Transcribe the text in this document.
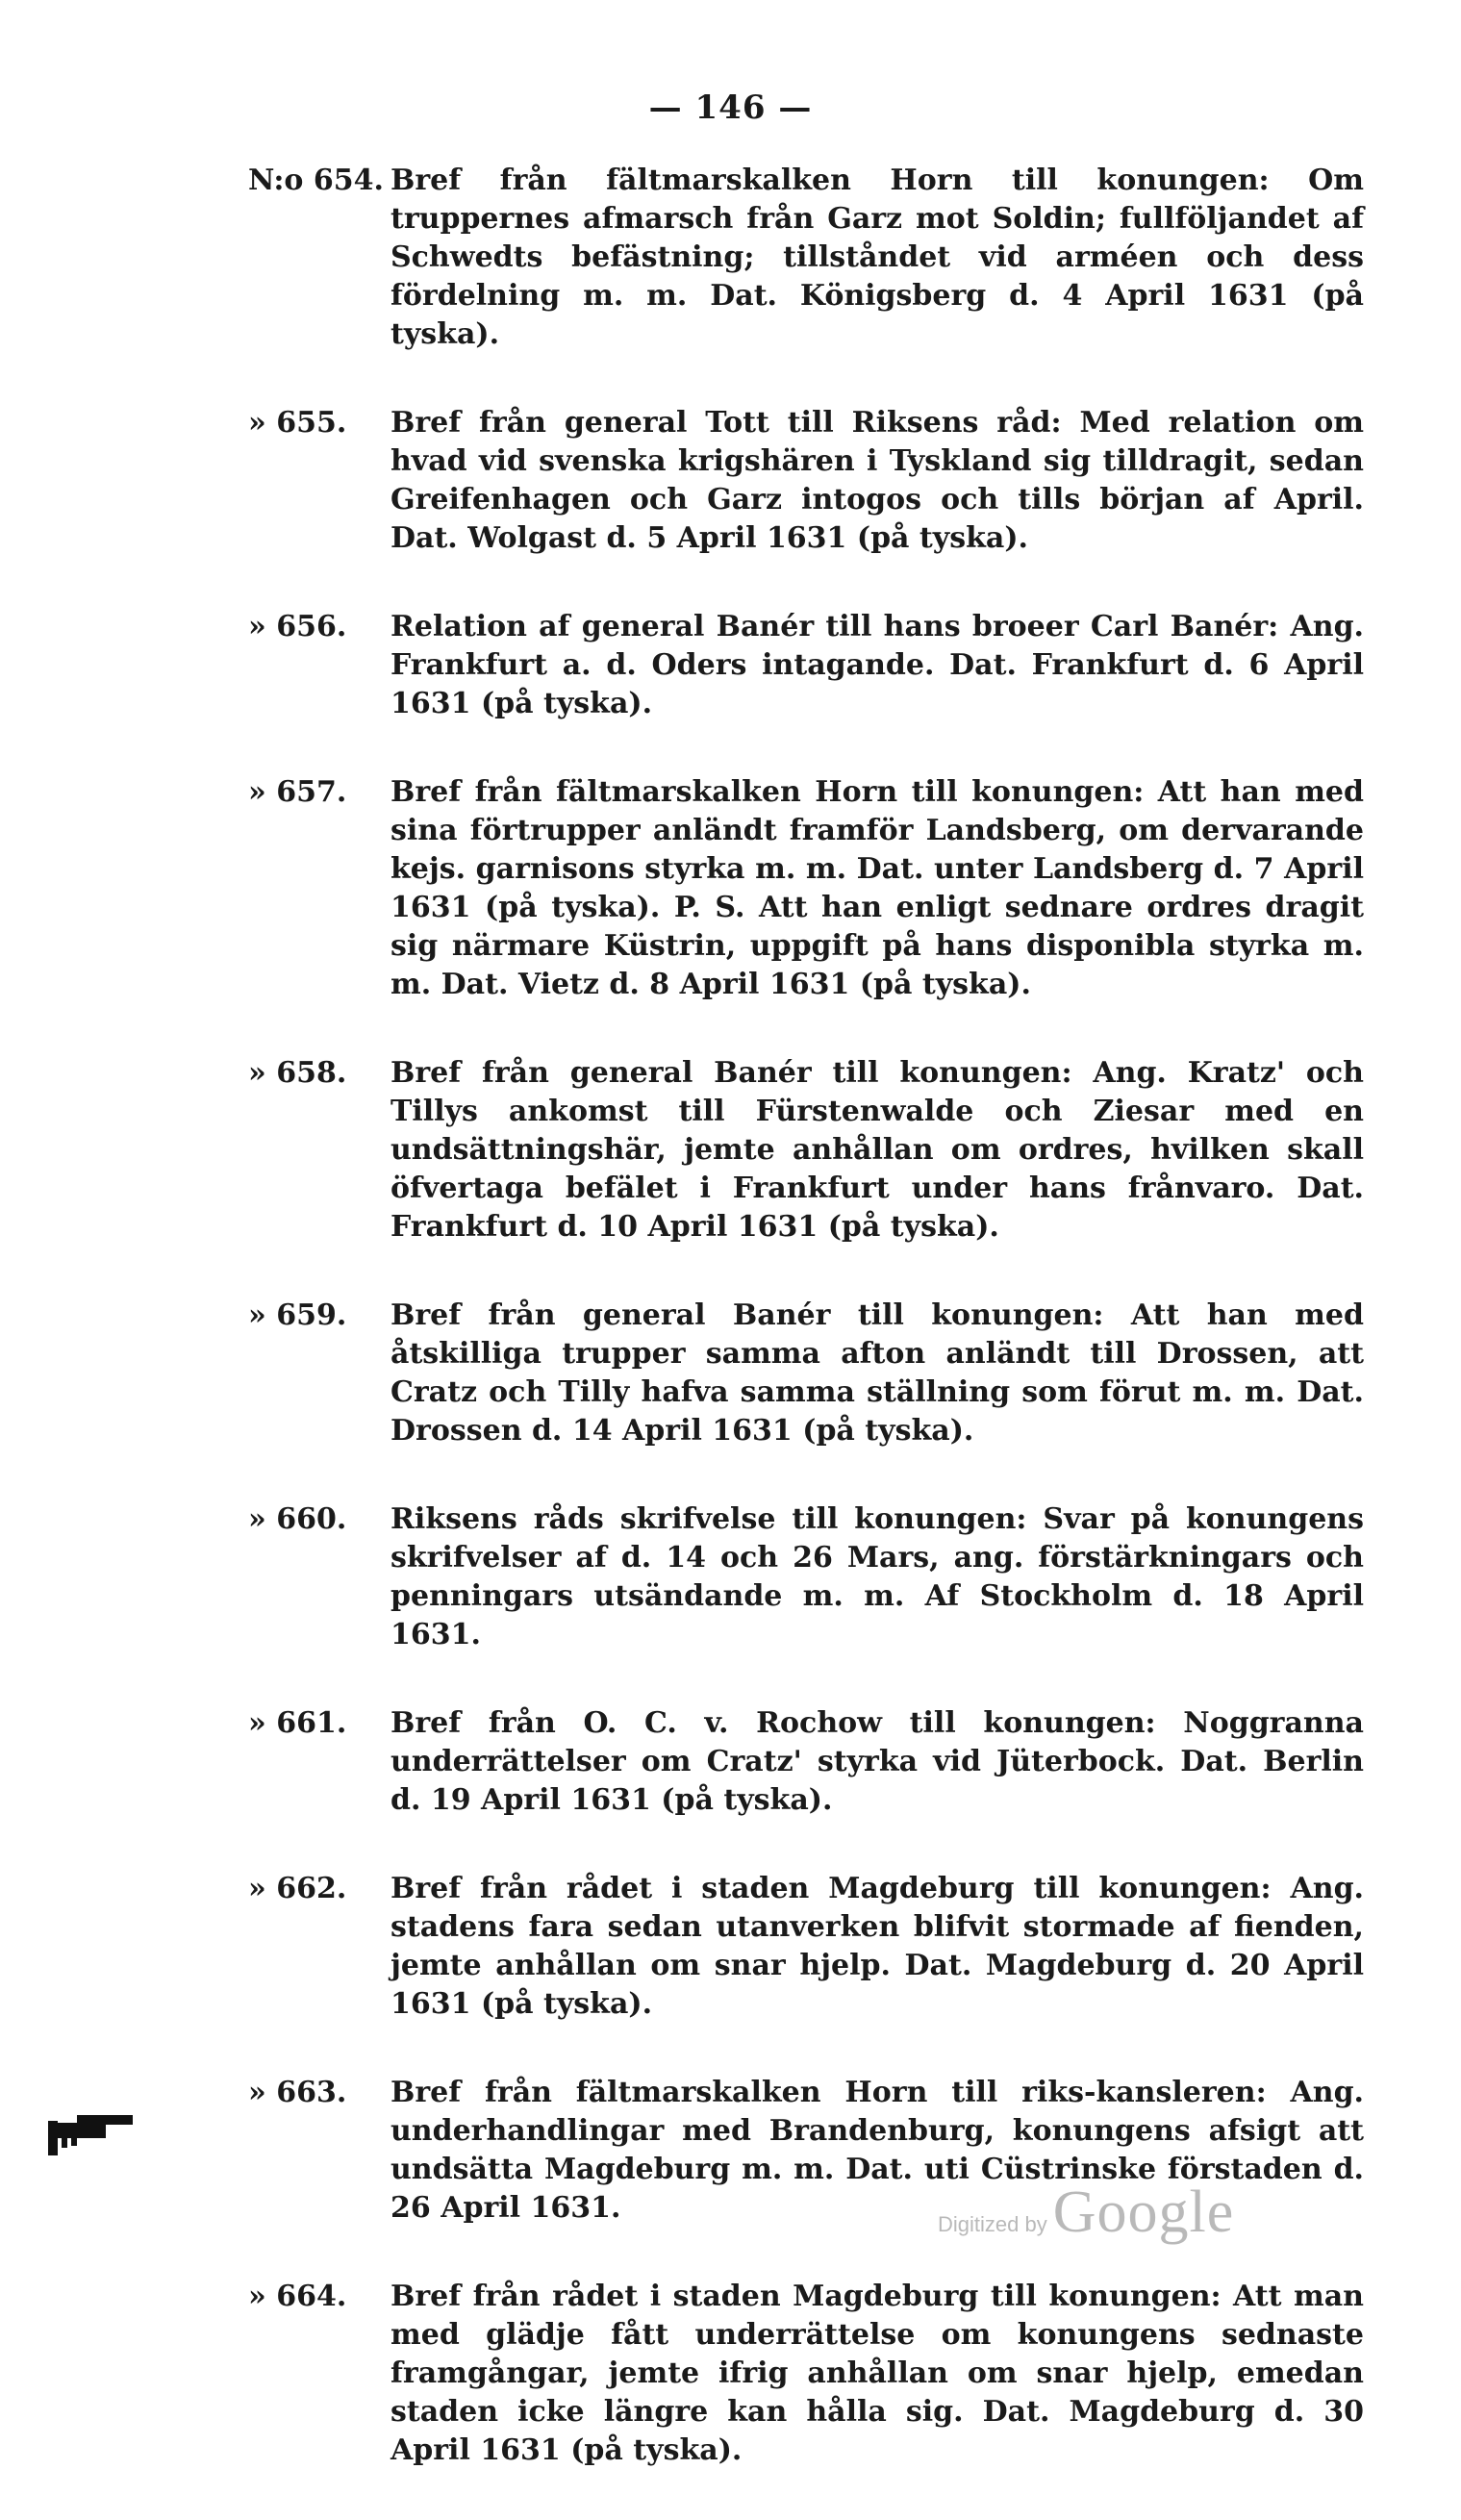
— 146 —
N:o 654. Bref från fältmarskalken Horn till konungen: Om truppernes afmarsch från Garz mot Soldin; fullföljandet af Schwedts befästning; tillståndet vid arméen och dess fördelning m. m. Dat. Königsberg d. 4 April 1631 (på tyska).
» 655.	Bref från general Tott till Riksens råd: Med relation om hvad vid svenska krigshären i Tyskland sig tilldragit, sedan Greifenhagen och Garz intogos och tills början af April. Dat. Wolgast d. 5 April 1631 (på tyska).
» 656.	Relation af general Banér till hans broeer Carl Banér: Ang. Frankfurt a. d. Oders intagande. Dat. Frankfurt d. 6 April 1631 (på tyska).
» 657.	Bref från fältmarskalken Horn till konungen: Att han med sina förtrupper anländt framför Landsberg, om dervarande kejs. garnisons styrka m. m. Dat. unter Landsberg d. 7 April 1631 (på tyska). P. S. Att han enligt sednare ordres dragit sig närmare Küstrin, uppgift på hans disponibla styrka m. m. Dat. Vietz d. 8 April 1631 (på tyska).
» 658.	Bref från general Banér till konungen: Ang. Kratz' och Tillys ankomst till Fürstenwalde och Ziesar med en undsättningshär, jemte anhållan om ordres, hvilken skall öfvertaga befälet i Frankfurt under hans frånvaro. Dat. Frankfurt d. 10 April 1631 (på tyska).
» 659.	Bref från general Banér till konungen: Att han med åtskilliga trupper samma afton anländt till Drossen, att Cratz och Tilly hafva samma ställning som förut m. m. Dat. Drossen d. 14 April 1631 (på tyska).
» 660.	Riksens råds skrifvelse till konungen: Svar på konungens skrifvelser af d. 14 och 26 Mars, ang. förstärkningars och penningars utsändande m. m. Af Stockholm d. 18 April 1631.
» 661.	Bref från O. C. v. Rochow till konungen: Noggranna underrättelser om Cratz' styrka vid Jüterbock. Dat. Berlin d. 19 April 1631 (på tyska).
» 662.	Bref från rådet i staden Magdeburg till konungen: Ang. stadens fara sedan utanverken blifvit stormade af fienden, jemte anhållan om snar hjelp. Dat. Magdeburg d. 20 April 1631 (på tyska).
» 663.	Bref från fältmarskalken Horn till riks-kansleren: Ang. underhandlingar med Brandenburg, konungens afsigt att undsätta Magdeburg m. m. Dat. uti Cüstrinske förstaden d. 26 April 1631.
» 664.	Bref från rådet i staden Magdeburg till konungen: Att man med glädje fått underrättelse om konungens sednaste framgångar, jemte ifrig anhållan om snar hjelp, emedan staden icke längre kan hålla sig. Dat. Magdeburg d. 30 April 1631 (på tyska).
Digitized by Google
